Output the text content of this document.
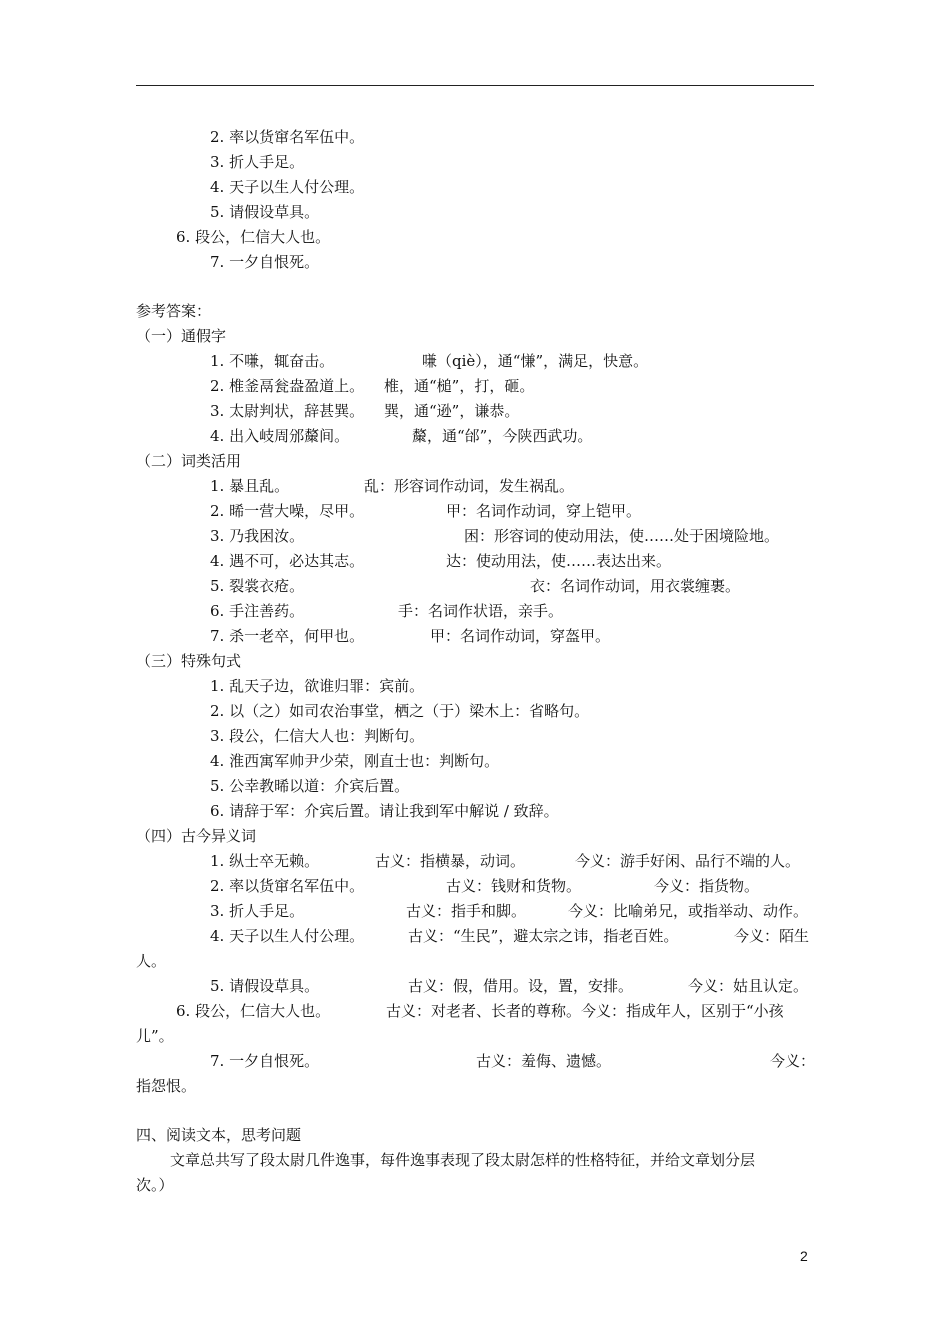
2. 率以货窜名军伍中。
3. 折人手足。
4. 天子以生人付公理。
5. 请假设草具。
6. 段公，仁信大人也。
7. 一夕自恨死。
参考答案：
（一）通假字
1. 不嗛，辄奋击。	嗛（qiè），通“慊”，满足，快意。
2. 椎釜鬲瓮盎盈道上。 椎，通“槌”，打，砸。
3. 太尉判状，辞甚巽。 巽，通“逊”，谦恭。
4. 出入岐周邠斄间。	斄，通“邰”，今陕西武功。
（二）词类活用
1. 暴且乱。	乱：形容词作动词，发生祸乱。
2. 晞一营大噪，尽甲。	甲：名词作动词，穿上铠甲。
3. 乃我困汝。	困：形容词的使动用法，使……处于困境险地。
4. 遇不可，必达其志。	达：使动用法，使……表达出来。
5. 裂裳衣疮。	衣：名词作动词，用衣裳缠裹。
6. 手注善药。	手：名词作状语，亲手。
7. 杀一老卒，何甲也。	甲：名词作动词，穿盔甲。
（三）特殊句式
1. 乱天子边，欲谁归罪：宾前。
2. 以（之）如司农治事堂，栖之（于）梁木上：省略句。
3. 段公，仁信大人也：判断句。
4. 淮西寓军帅尹少荣，刚直士也：判断句。
5. 公幸教晞以道：介宾后置。
6. 请辞于军：介宾后置。请让我到军中解说 / 致辞。
（四）古今异义词
1. 纵士卒无赖。	古义：指横暴，动词。	今义：游手好闲、品行不端的人。
2. 率以货窜名军伍中。	古义：钱财和货物。	今义：指货物。
3. 折人手足。	古义：指手和脚。	今义：比喻弟兄，或指举动、动作。
4. 天子以生人付公理。	古义：“生民”，避太宗之讳，指老百姓。	今义：陌生
人。
5. 请假设草具。	古义：假，借用。设，置，安排。	今义：姑且认定。
6. 段公，仁信大人也。	古义：对老者、长者的尊称。今义：指成年人，区别于“小孩
儿”。
7. 一夕自恨死。	古义：羞侮、遗憾。	今义：
指怨恨。
四、阅读文本，思考问题
文章总共写了段太尉几件逸事，每件逸事表现了段太尉怎样的性格特征，并给文章划分层
次。）
2
